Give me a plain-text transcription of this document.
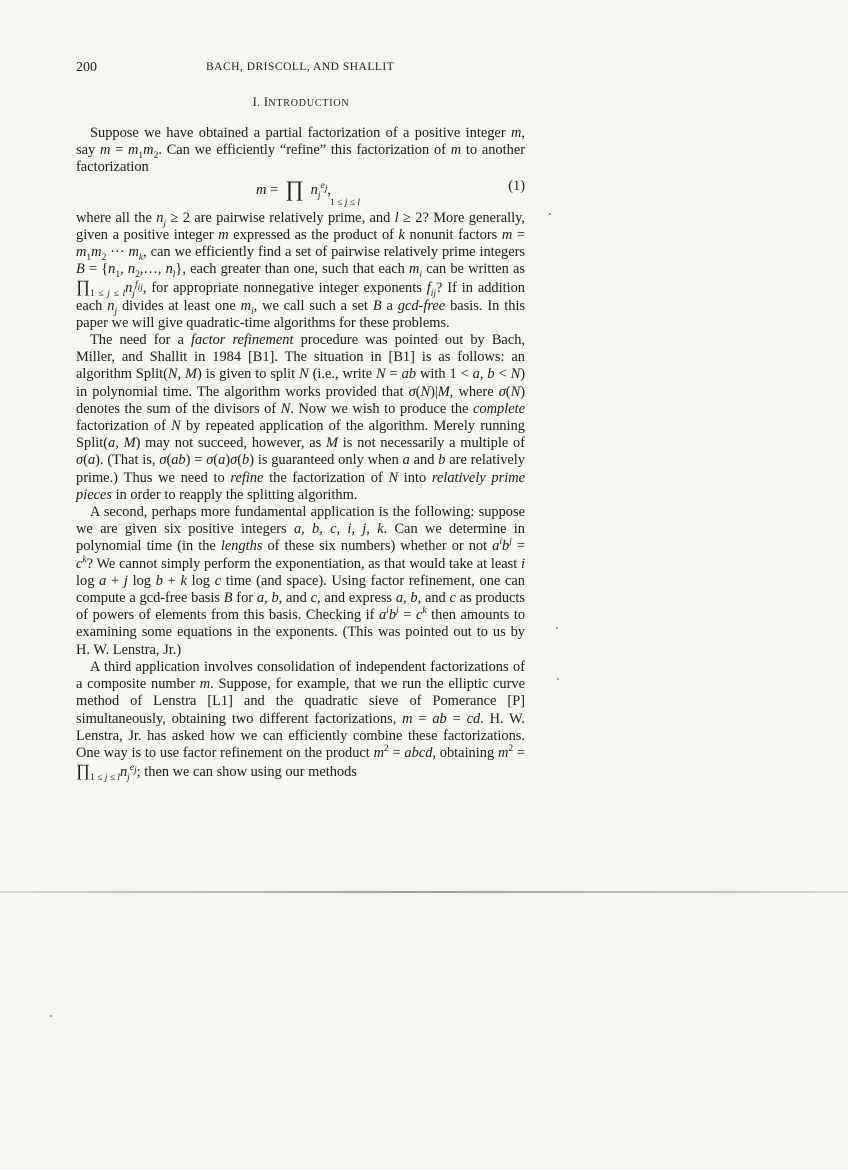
200	BACH, DRISCOLL, AND SHALLIT
I. INTRODUCTION

Suppose we have obtained a partial factorization of a positive integer m, say $m = m_1m_2$. Can we efficiently “refine” this factorization of m to another factorization

m =  ∏ $n_j^{e_j}$,
1 ≤ j ≤ l
(1)

where all the $n_j \ge 2$ are pairwise relatively prime, and l ≥ 2? More generally, given a positive integer m expressed as the product of k nonunit factors $m = m_1m_2$ ··· $m_k$, can we efficiently find a set of pairwise relatively prime integers $B = \{n_1$, $n_2,\dots$, $n_l$}, each greater than one, such that each $m_i$ can be written as $\prod_{1 \le j \le l}n_j^{f_{ij}}$, for appropriate nonnegative integer exponents $f_{ij}$? If in addition each $n_j$ divides at least one $m_i$, we call such a set B a gcd-free basis. In this paper we will give quadratic-time algorithms for these problems.

The need for a factor refinement procedure was pointed out by Bach, Miller, and Shallit in 1984 [B1]. The situation in [B1] is as follows: an algorithm Split(N, M) is given to split N (i.e., write N = ab with 1 < a, b < N) in polynomial time. The algorithm works provided that σ(N)|M, where σ(N) denotes the sum of the divisors of N. Now we wish to produce the complete factorization of N by repeated application of the algorithm. Merely running Split(a, M) may not succeed, however, as M is not necessarily a multiple of σ(a). (That is, σ(ab) = σ(a)σ(b) is guaranteed only when a and b are relatively prime.) Thus we need to refine the factorization of N into relatively prime pieces in order to reapply the splitting algorithm.

A second, perhaps more fundamental application is the following: suppose we are given six positive integers a, b, c, i, j, k. Can we determine in polynomial time (in the lengths of these six numbers) whether or not $a^ib^j = c^k$? We cannot simply perform the exponentiation, as that would take at least i log a + j log b + k log c time (and space). Using factor refinement, one can compute a gcd-free basis B for a, b, and c, and express a, b, and c as products of powers of elements from this basis. Checking if $a^ib^j = c^k$ then amounts to examining some equations in the exponents. (This was pointed out to us by H. W. Lenstra, Jr.)

A third application involves consolidation of independent factorizations of a composite number m. Suppose, for example, that we run the elliptic curve method of Lenstra [L1] and the quadratic sieve of Pomerance [P] simultaneously, obtaining two different factorizations, m = ab = cd. H. W. Lenstra, Jr. has asked how we can efficiently combine these factorizations. One way is to use factor refinement on the product $m^2$ = abcd, obtaining $m^2$ = $\prod_{1 \le j \le l}n_j^{e_j}$; then we can show using our methods
